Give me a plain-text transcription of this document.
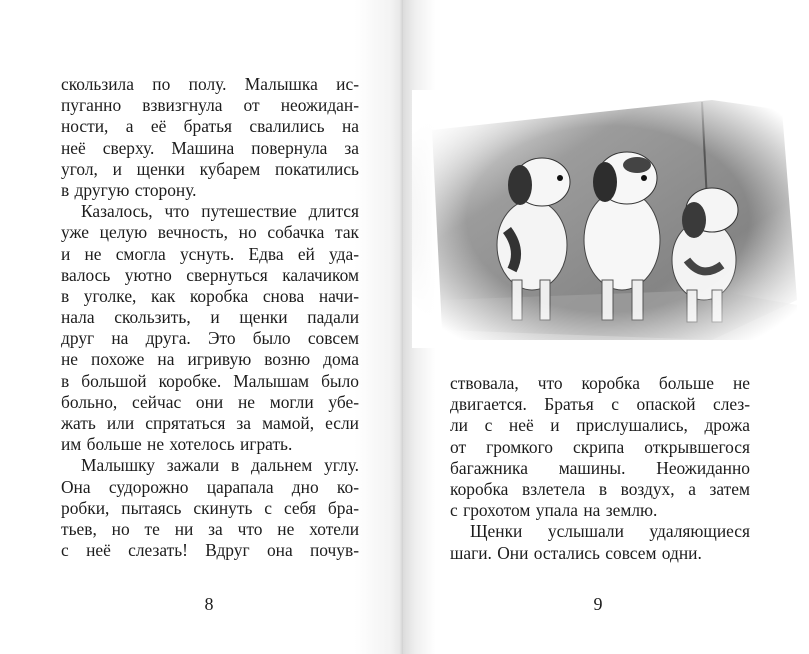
скользила по полу. Малышка ис-
пуганно взвизгнула от неожидан-
ности, а её братья свалились на
неё сверху. Машина повернула за
угол, и щенки кубарем покатились
в другую сторону.
Казалось, что путешествие длится
уже целую вечность, но собачка так
и не смогла уснуть. Едва ей уда-
валось уютно свернуться калачиком
в уголке, как коробка снова начи-
нала скользить, и щенки падали
друг на друга. Это было совсем
не похоже на игривую возню дома
в большой коробке. Малышам было
больно, сейчас они не могли убе-
жать или спрятаться за мамой, если
им больше не хотелось играть.
Малышку зажали в дальнем углу.
Она судорожно царапала дно ко-
робки, пытаясь скинуть с себя бра-
тьев, но те ни за что не хотели
с неё слезать! Вдруг она почув-
8
ствовала, что коробка больше не
двигается. Братья с опаской слез-
ли с неё и прислушались, дрожа
от громкого скрипа открывшегося
багажника машины. Неожиданно
коробка взлетела в воздух, а затем
с грохотом упала на землю.
Щенки услышали удаляющиеся
шаги. Они остались совсем одни.
9
